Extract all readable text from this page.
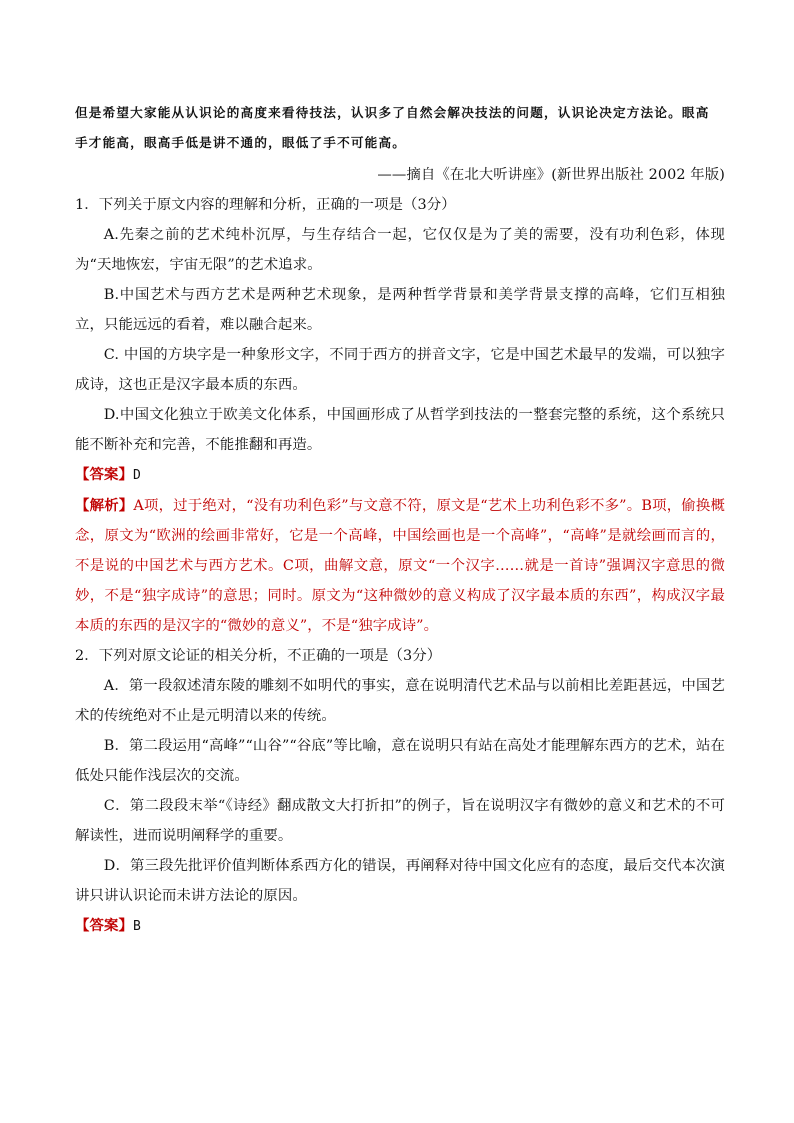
但是希望大家能从认识论的高度来看待技法，认识多了自然会解决技法的问题，认识论决定方法论。眼高

手才能高，眼高手低是讲不通的，眼低了手不可能高。

——摘自《在北大听讲座》(新世界出版社 2002 年版)

1．下列关于原文内容的理解和分析，正确的一项是（3分）

A.先秦之前的艺术纯朴沉厚，与生存结合一起，它仅仅是为了美的需要，没有功利色彩，体现为“天地恢宏，宇宙无限”的艺术追求。

B.中国艺术与西方艺术是两种艺术现象，是两种哲学背景和美学背景支撑的高峰，它们互相独立，只能远远的看着，难以融合起来。

C. 中国的方块字是一种象形文字，不同于西方的拼音文字，它是中国艺术最早的发端，可以独字成诗，这也正是汉字最本质的东西。

D.中国文化独立于欧美文化体系，中国画形成了从哲学到技法的一整套完整的系统，这个系统只能不断补充和完善，不能推翻和再造。

【答案】D

【解析】A项，过于绝对，“没有功利色彩”与文意不符，原文是“艺术上功利色彩不多”。B项，偷换概念，原文为“欧洲的绘画非常好，它是一个高峰，中国绘画也是一个高峰”，“高峰”是就绘画而言的，不是说的中国艺术与西方艺术。C项，曲解文意，原文“一个汉字……就是一首诗”强调汉字意思的微妙，不是“独字成诗”的意思；同时。原文为“这种微妙的意义构成了汉字最本质的东西”，构成汉字最本质的东西的是汉字的“微妙的意义”，不是“独字成诗”。

2．下列对原文论证的相关分析，不正确的一项是（3分）

A．第一段叙述清东陵的雕刻不如明代的事实，意在说明清代艺术品与以前相比差距甚远，中国艺术的传统绝对不止是元明清以来的传统。

B．第二段运用“高峰”“山谷”“谷底”等比喻，意在说明只有站在高处才能理解东西方的艺术，站在低处只能作浅层次的交流。

C．第二段段末举“《诗经》翻成散文大打折扣”的例子，旨在说明汉字有微妙的意义和艺术的不可解读性，进而说明阐释学的重要。

D．第三段先批评价值判断体系西方化的错误，再阐释对待中国文化应有的态度，最后交代本次演讲只讲认识论而未讲方法论的原因。

【答案】B
